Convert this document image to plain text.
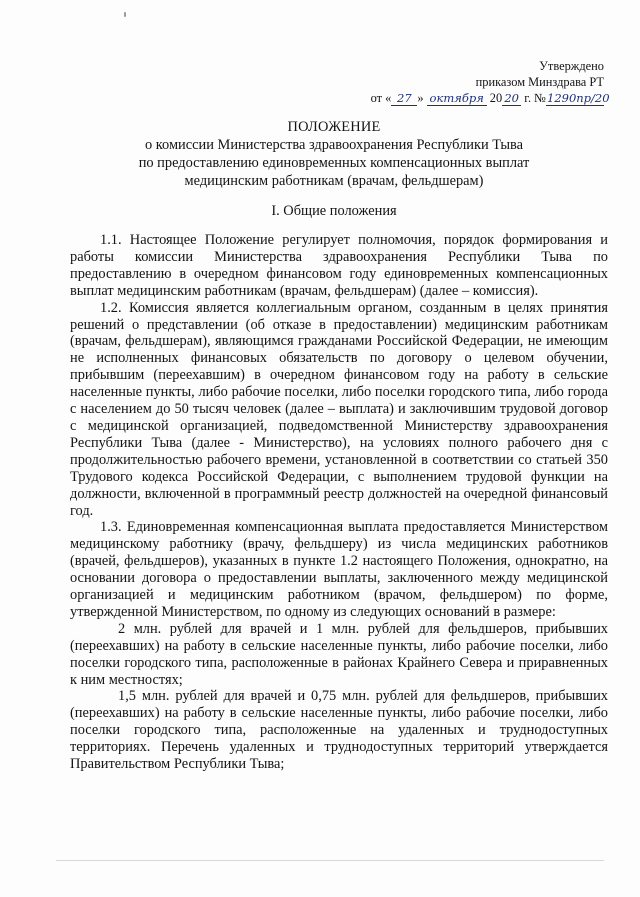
Утверждено
приказом Минздрава РТ
от « 27 » октября 20 20 г. №1290пр/20
ПОЛОЖЕНИЕ
о комиссии Министерства здравоохранения Республики Тыва
по предоставлению единовременных компенсационных выплат
медицинским работникам (врачам, фельдшерам)
I. Общие положения

1.1. Настоящее Положение регулирует полномочия, порядок формирования и работы комиссии Министерства здравоохранения Республики Тыва по предоставлению в очередном финансовом году единовременных компенсационных выплат медицинским работникам (врачам, фельдшерам) (далее – комиссия).

1.2. Комиссия является коллегиальным органом, созданным в целях принятия решений о представлении (об отказе в предоставлении) медицинским работникам (врачам, фельдшерам), являющимся гражданами Российской Федерации, не имеющим не исполненных финансовых обязательств по договору о целевом обучении, прибывшим (переехавшим) в очередном финансовом году на работу в сельские населенные пункты, либо рабочие поселки, либо поселки городского типа, либо города с населением до 50 тысяч человек (далее – выплата) и заключившим трудовой договор с медицинской организацией, подведомственной Министерству здравоохранения Республики Тыва (далее - Министерство), на условиях полного рабочего дня с продолжительностью рабочего времени, установленной в соответствии со статьей 350 Трудового кодекса Российской Федерации, с выполнением трудовой функции на должности, включенной в программный реестр должностей на очередной финансовый год.

1.3. Единовременная компенсационная выплата предоставляется Министерством медицинскому работнику (врачу, фельдшеру) из числа медицинских работников (врачей, фельдшеров), указанных в пункте 1.2 настоящего Положения, однократно, на основании договора о предоставлении выплаты, заключенного между медицинской организацией и медицинским работником (врачом, фельдшером) по форме, утвержденной Министерством, по одному из следующих оснований в размере:

2 млн. рублей для врачей и 1 млн. рублей для фельдшеров, прибывших (переехавших) на работу в сельские населенные пункты, либо рабочие поселки, либо поселки городского типа, расположенные в районах Крайнего Севера и приравненных к ним местностях;

1,5 млн. рублей для врачей и 0,75 млн. рублей для фельдшеров, прибывших (переехавших) на работу в сельские населенные пункты, либо рабочие поселки, либо поселки городского типа, расположенные на удаленных и труднодоступных территориях. Перечень удаленных и труднодоступных территорий утверждается Правительством Республики Тыва;
